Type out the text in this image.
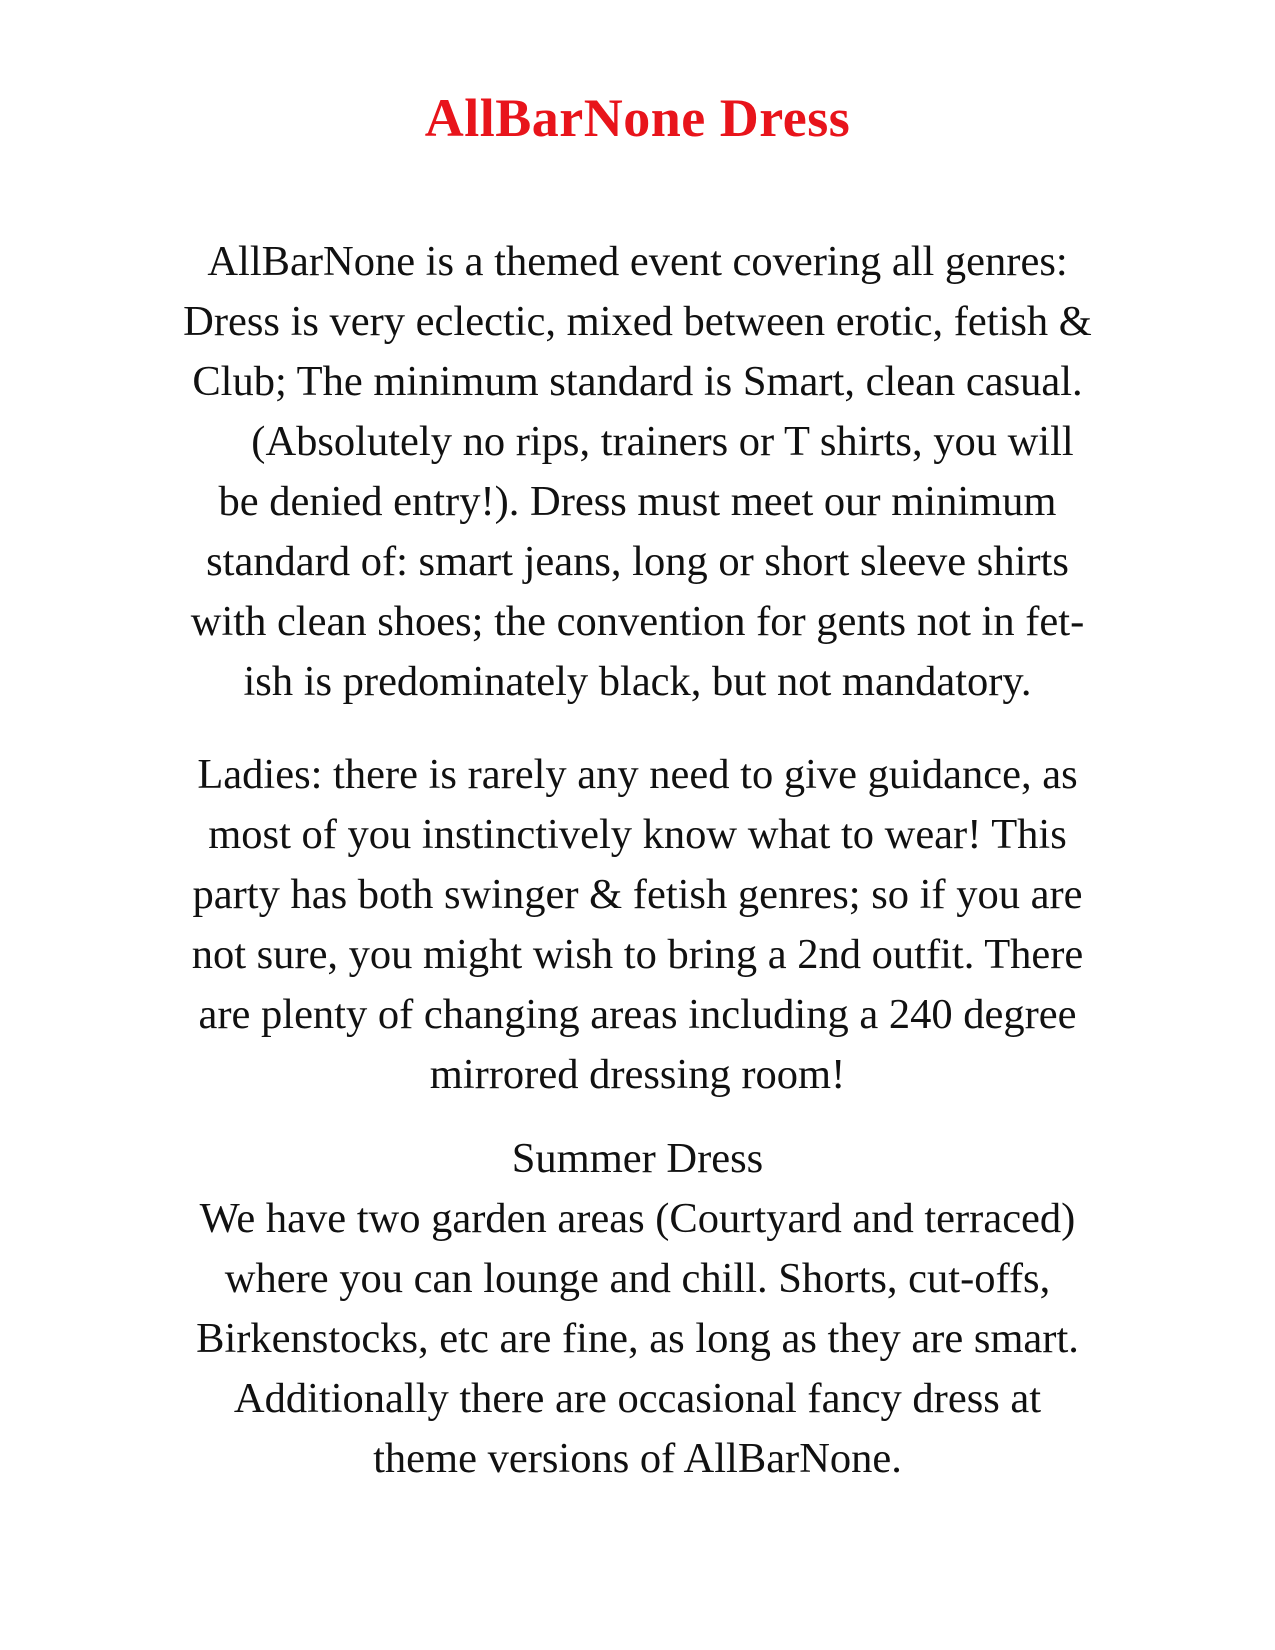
AllBarNone Dress
AllBarNone is a themed event covering all genres:
Dress is very eclectic, mixed between erotic, fetish &
Club; The minimum standard is Smart, clean casual.
(Absolutely no rips, trainers or T shirts, you will
be denied entry!). Dress must meet our minimum
standard of: smart jeans, long or short sleeve shirts
with clean shoes; the convention for gents not in fet-
ish is predominately black, but not mandatory.
Ladies: there is rarely any need to give guidance, as
most of you instinctively know what to wear! This
party has both swinger & fetish genres; so if you are
not sure, you might wish to bring a 2nd outfit. There
are plenty of changing areas including a 240 degree
mirrored dressing room!
Summer Dress
We have two garden areas (Courtyard and terraced)
where you can lounge and chill. Shorts, cut-offs,
Birkenstocks, etc are fine, as long as they are smart.
Additionally there are occasional fancy dress at
theme versions of AllBarNone.
